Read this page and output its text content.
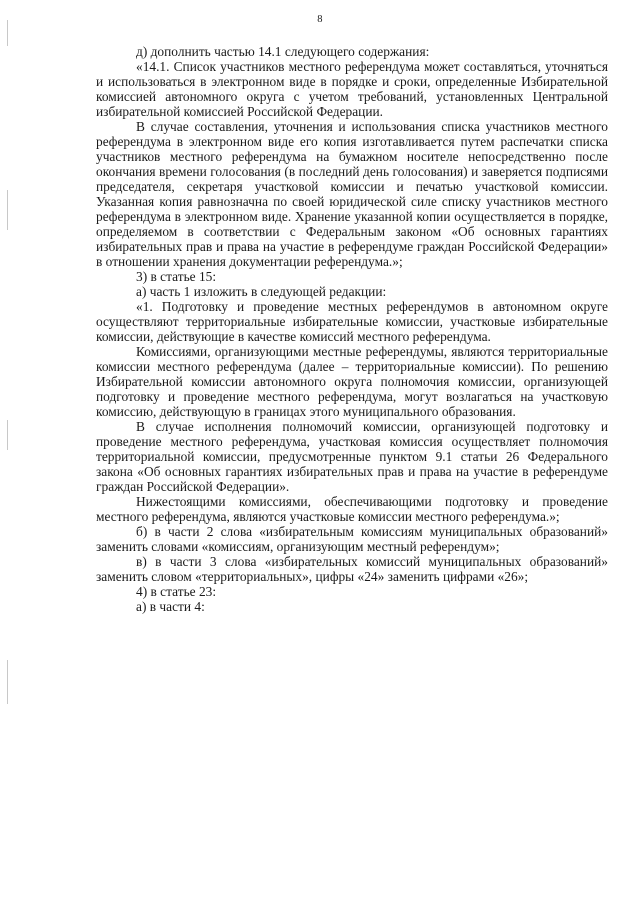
8

д) дополнить частью 14.1 следующего содержания:

«14.1. Список участников местного референдума может составляться, уточняться и использоваться в электронном виде в порядке и сроки, определенные Избирательной комиссией автономного округа с учетом требований, установленных Центральной избирательной комиссией Российской Федерации.

В случае составления, уточнения и использования списка участников местного референдума в электронном виде его копия изготавливается путем распечатки списка участников местного референдума на бумажном носителе непосредственно после окончания времени голосования (в последний день голосования) и заверяется подписями председателя, секретаря участковой комиссии и печатью участковой комиссии. Указанная копия равнозначна по своей юридической силе списку участников местного референдума в электронном виде. Хранение указанной копии осуществляется в порядке, определяемом в соответствии с Федеральным законом «Об основных гарантиях избирательных прав и права на участие в референдуме граждан Российской Федерации» в отношении хранения документации референдума.»;

3) в статье 15:

а) часть 1 изложить в следующей редакции:

«1. Подготовку и проведение местных референдумов в автономном округе осуществляют территориальные избирательные комиссии, участковые избирательные комиссии, действующие в качестве комиссий местного референдума.

Комиссиями, организующими местные референдумы, являются территориальные комиссии местного референдума (далее – территориальные комиссии). По решению Избирательной комиссии автономного округа полномочия комиссии, организующей подготовку и проведение местного референдума, могут возлагаться на участковую комиссию, действующую в границах этого муниципального образования.

В случае исполнения полномочий комиссии, организующей подготовку и проведение местного референдума, участковая комиссия осуществляет полномочия территориальной комиссии, предусмотренные пунктом 9.1 статьи 26 Федерального закона «Об основных гарантиях избирательных прав и права на участие в референдуме граждан Российской Федерации».

Нижестоящими комиссиями, обеспечивающими подготовку и проведение местного референдума, являются участковые комиссии местного референдума.»;

б) в части 2 слова «избирательным комиссиям муниципальных образований» заменить словами «комиссиям, организующим местный референдум»;

в) в части 3 слова «избирательных комиссий муниципальных образований» заменить словом «территориальных», цифры «24» заменить цифрами «26»;

4) в статье 23:

а) в части 4:
